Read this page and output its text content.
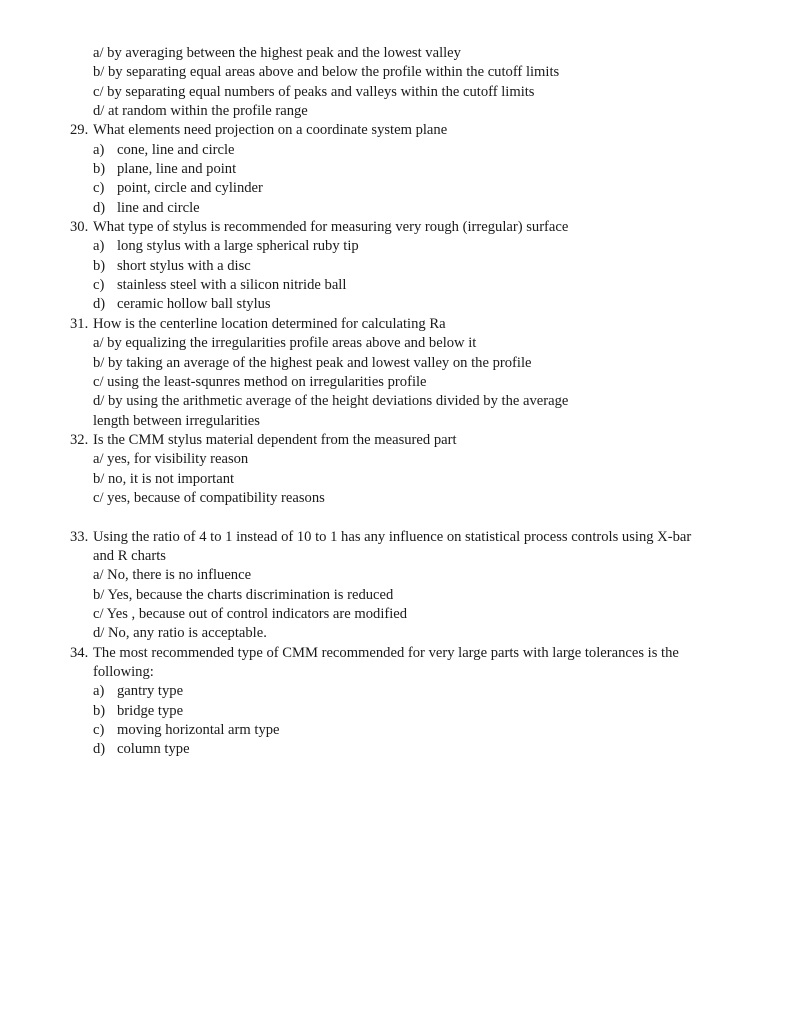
a/ by averaging between the highest peak and the lowest valley
b/ by separating equal areas above and below the profile within the cutoff limits
c/ by separating equal numbers of peaks and valleys within the cutoff limits
d/ at random within the profile range
29. What elements need projection on a coordinate system plane
a) cone, line and circle
b) plane, line and point
c) point, circle and cylinder
d) line and circle
30. What type of stylus is recommended for measuring very rough (irregular) surface
a) long stylus with a large spherical ruby tip
b) short stylus with a disc
c) stainless steel with a silicon nitride ball
d) ceramic hollow ball stylus
31. How is the centerline location determined for calculating Ra
a/ by equalizing the irregularities profile areas above and below it
b/ by taking an average of the highest peak and lowest valley on the profile
c/ using the least-squnres method on irregularities profile
d/ by using the arithmetic average of the height deviations divided by the average
length between irregularities
32. Is the CMM stylus material dependent from the measured part
a/ yes, for visibility reason
b/ no, it is not important
c/ yes, because of compatibility reasons
33. Using the ratio of 4 to 1 instead of 10 to 1 has any influence on statistical process controls using X-bar
and R charts
a/ No, there is no influence
b/ Yes, because the charts discrimination is reduced
c/ Yes , because out of control indicators are modified
d/ No, any ratio is acceptable.
34. The most recommended type of CMM recommended for very large parts with large tolerances is the
following:
a) gantry type
b) bridge type
c) moving horizontal arm type
d) column type
